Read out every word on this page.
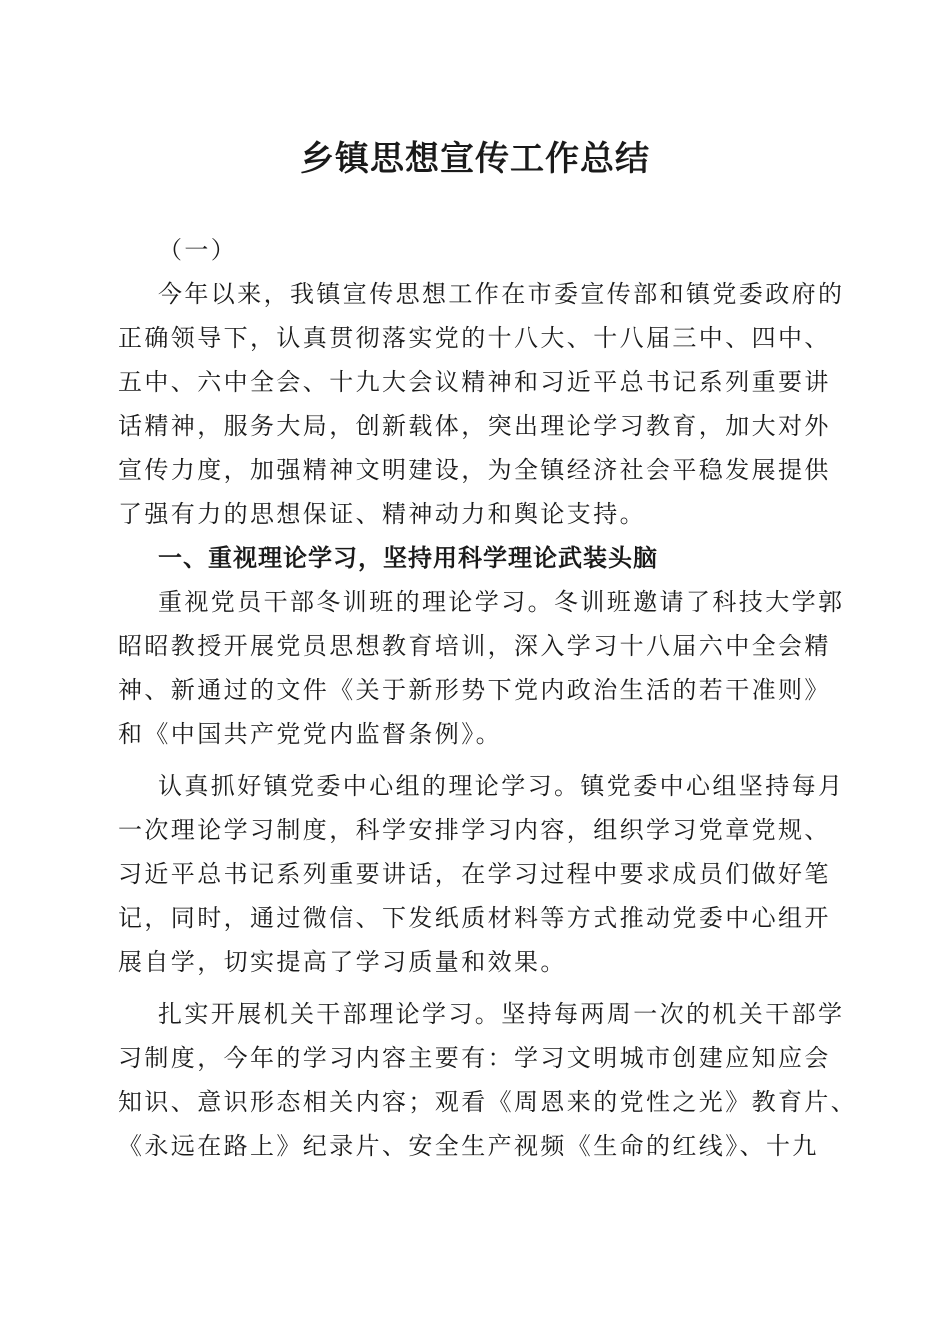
乡镇思想宣传工作总结
（一）
今年以来，我镇宣传思想工作在市委宣传部和镇党委政府的
正确领导下，认真贯彻落实党的十八大、十八届三中、四中、
五中、六中全会、十九大会议精神和习近平总书记系列重要讲
话精神，服务大局，创新载体，突出理论学习教育，加大对外
宣传力度，加强精神文明建设，为全镇经济社会平稳发展提供
了强有力的思想保证、精神动力和舆论支持。
一、重视理论学习，坚持用科学理论武装头脑
重视党员干部冬训班的理论学习。冬训班邀请了科技大学郭
昭昭教授开展党员思想教育培训，深入学习十八届六中全会精
神、新通过的文件《关于新形势下党内政治生活的若干准则》
和《中国共产党党内监督条例》。
认真抓好镇党委中心组的理论学习。镇党委中心组坚持每月
一次理论学习制度，科学安排学习内容，组织学习党章党规、
习近平总书记系列重要讲话，在学习过程中要求成员们做好笔
记，同时，通过微信、下发纸质材料等方式推动党委中心组开
展自学，切实提高了学习质量和效果。
扎实开展机关干部理论学习。坚持每两周一次的机关干部学
习制度，今年的学习内容主要有：学习文明城市创建应知应会
知识、意识形态相关内容；观看《周恩来的党性之光》教育片、
《永远在路上》纪录片、安全生产视频《生命的红线》、十九
